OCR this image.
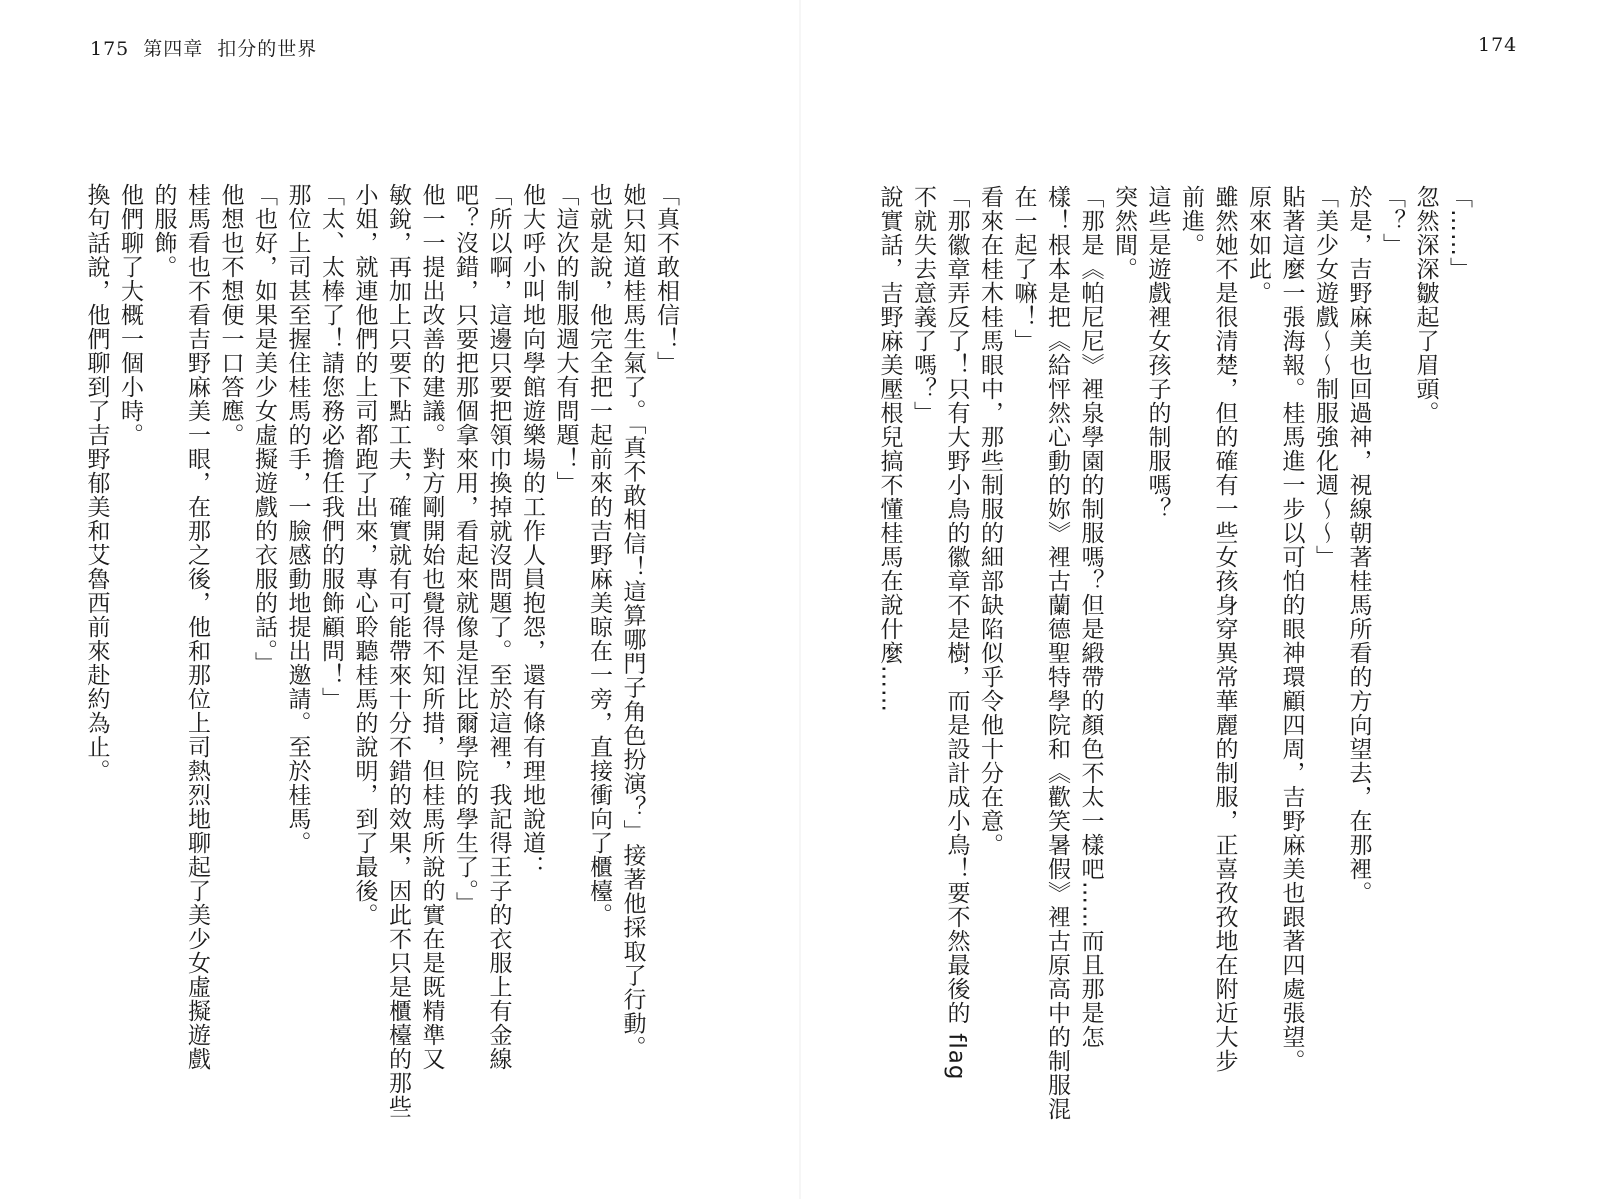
175 第四章 扣分的世界	174
「……」
忽然深深皺起了眉頭。
「？」
於是，吉野麻美也回過神，視線朝著桂馬所看的方向望去，在那裡。
「美少女遊戲～～制服強化週～～」
貼著這麼一張海報。桂馬進一步以可怕的眼神環顧四周，吉野麻美也跟著四處張望。
原來如此。
雖然她不是很清楚，但的確有一些女孩身穿異常華麗的制服，正喜孜孜地在附近大步
前進。
這些是遊戲裡女孩子的制服嗎？
突然間。
「那是《帕尼尼》裡泉學園的制服嗎？但是緞帶的顏色不太一樣吧……而且那是怎
樣！根本是把《給怦然心動的妳》裡古蘭德聖特學院和《歡笑暑假》裡古原高中的制服混
在一起了嘛！」
看來在桂木桂馬眼中，那些制服的細部缺陷似乎令他十分在意。
「那徽章弄反了！只有大野小鳥的徽章不是樹，而是設計成小鳥！要不然最後的 flag
不就失去意義了嗎？」
說實話，吉野麻美壓根兒搞不懂桂馬在說什麼……
「真不敢相信！」
她只知道桂馬生氣了。「真不敢相信！這算哪門子角色扮演？」接著他採取了行動。
也就是說，他完全把一起前來的吉野麻美晾在一旁，直接衝向了櫃檯。
「這次的制服週大有問題！」
他大呼小叫地向學館遊樂場的工作人員抱怨，還有條有理地說道：
「所以啊，這邊只要把領巾換掉就沒問題了。至於這裡，我記得王子的衣服上有金線
吧？沒錯，只要把那個拿來用，看起來就像是涅比爾學院的學生了。」
他一一提出改善的建議。對方剛開始也覺得不知所措，但桂馬所說的實在是既精準又
敏銳，再加上只要下點工夫，確實就有可能帶來十分不錯的效果，因此不只是櫃檯的那些
小姐，就連他們的上司都跑了出來，專心聆聽桂馬的說明，到了最後。
「太、太棒了！請您務必擔任我們的服飾顧問！」
那位上司甚至握住桂馬的手，一臉感動地提出邀請。至於桂馬。
「也好，如果是美少女虛擬遊戲的衣服的話。」
他想也不想便一口答應。
桂馬看也不看吉野麻美一眼，在那之後，他和那位上司熱烈地聊起了美少女虛擬遊戲
的服飾。
他們聊了大概一個小時。
換句話說，他們聊到了吉野郁美和艾魯西前來赴約為止。
